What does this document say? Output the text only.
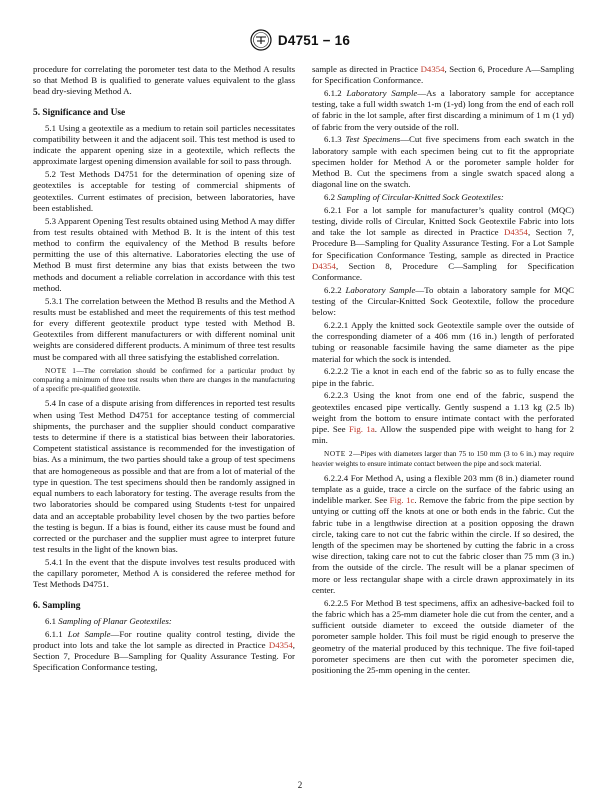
D4751 − 16

procedure for correlating the porometer test data to the Method A results so that Method B is qualified to generate values equivalent to the glass bead dry-sieving Method A.

5. Significance and Use

5.1 Using a geotextile as a medium to retain soil particles necessitates compatibility between it and the adjacent soil. This test method is used to indicate the apparent opening size in a geotextile, which reflects the approximate largest opening dimension available for soil to pass through.

5.2 Test Methods D4751 for the determination of opening size of geotextiles is acceptable for testing of commercial shipments of geotextiles. Current estimates of precision, between laboratories, have been established.

5.3 Apparent Opening Test results obtained using Method A may differ from test results obtained with Method B. It is the intent of this test method to confirm the equivalency of the Method B results before permitting the use of this alternative. Laboratories electing the use of Method B must first determine any bias that exists between the two methods and document a reliable correlation in accordance with this test method.

5.3.1 The correlation between the Method B results and the Method A results must be established and meet the requirements of this test method for every different geotextile product type tested with Method B. Geotextiles from different manufacturers or with different nominal unit weights are considered different products. A minimum of three test results must be compared with all three satisfying the established correlation.

NOTE 1—The correlation should be confirmed for a particular product by comparing a minimum of three test results when there are changes in the manufacturing of a specific pre-qualified geotextile.

5.4 In case of a dispute arising from differences in reported test results when using Test Method D4751 for acceptance testing of commercial shipments, the purchaser and the supplier should conduct comparative tests to determine if there is a statistical bias between their laboratories. Competent statistical assistance is recommended for the investigation of bias. As a minimum, the two parties should take a group of test specimens that are homogeneous as possible and that are from a lot of material of the type in question. The test specimens should then be randomly assigned in equal numbers to each laboratory for testing. The average results from the two laboratories should be compared using Students t-test for unpaired data and an acceptable probability level chosen by the two parties before the testing is begun. If a bias is found, either its cause must be found and corrected or the purchaser and the supplier must agree to interpret future test results in the light of the known bias.

5.4.1 In the event that the dispute involves test results produced with the capillary porometer, Method A is considered the referee method for Test Methods D4751.

6. Sampling

6.1 Sampling of Planar Geotextiles:

6.1.1 Lot Sample—For routine quality control testing, divide the product into lots and take the lot sample as directed in Practice D4354, Section 7, Procedure B—Sampling for Quality Assurance Testing. For Specification Conformance testing,

sample as directed in Practice D4354, Section 6, Procedure A—Sampling for Specification Conformance.

6.1.2 Laboratory Sample—As a laboratory sample for acceptance testing, take a full width swatch 1-m (1-yd) long from the end of each roll of fabric in the lot sample, after first discarding a minimum of 1 m (1 yd) of fabric from the very outside of the roll.

6.1.3 Test Specimens—Cut five specimens from each swatch in the laboratory sample with each specimen being cut to fit the appropriate specimen holder for Method A or the porometer sample holder for Method B. Cut the specimens from a single swatch spaced along a diagonal line on the swatch.

6.2 Sampling of Circular-Knitted Sock Geotextiles:

6.2.1 For a lot sample for manufacturer’s quality control (MQC) testing, divide rolls of Circular, Knitted Sock Geotextile Fabric into lots and take the lot sample as directed in Practice D4354, Section 7, Procedure B—Sampling for Quality Assurance Testing. For a Lot Sample for Specification Conformance Testing, sample as directed in Practice D4354, Section 8, Procedure C—Sampling for Specification Conformance.

6.2.2 Laboratory Sample—To obtain a laboratory sample for MQC testing of the Circular-Knitted Sock Geotextile, follow the procedure below:

6.2.2.1 Apply the knitted sock Geotextile sample over the outside of the corresponding diameter of a 406 mm (16 in.) length of perforated tubing or reasonable facsimile having the same diameter as the pipe material for which the sock is intended.

6.2.2.2 Tie a knot in each end of the fabric so as to fully encase the pipe in the fabric.

6.2.2.3 Using the knot from one end of the fabric, suspend the geotextiles encased pipe vertically. Gently suspend a 1.13 kg (2.5 lb) weight from the bottom to ensure intimate contact with the perforated pipe. See Fig. 1a. Allow the suspended pipe with weight to hang for 2 min.

NOTE 2—Pipes with diameters larger than 75 to 150 mm (3 to 6 in.) may require heavier weights to ensure intimate contact between the pipe and sock material.

6.2.2.4 For Method A, using a flexible 203 mm (8 in.) diameter round template as a guide, trace a circle on the surface of the fabric using an indelible marker. See Fig. 1c. Remove the fabric from the pipe section by untying or cutting off the knots at one or both ends in the fabric. Cut the fabric tube in a lengthwise direction at a position opposing the drawn circle, taking care to not cut the fabric within the circle. If so desired, the length of the specimen may be shortened by cutting the fabric in a cross wise direction, taking care not to cut the fabric closer than 75 mm (3 in.) from the outside of the circle. The result will be a planar specimen of more or less rectangular shape with a circle drawn approximately in its center.

6.2.2.5 For Method B test specimens, affix an adhesive-backed foil to the fabric which has a 25-mm diameter hole die cut from the center, and a sufficient outside diameter to exceed the outside diameter of the porometer sample holder. This foil must be rigid enough to preserve the geometry of the material produced by this technique. The five foil-taped porometer specimens are then cut with the porometer specimen die, positioning the 25-mm opening in the center.

2
